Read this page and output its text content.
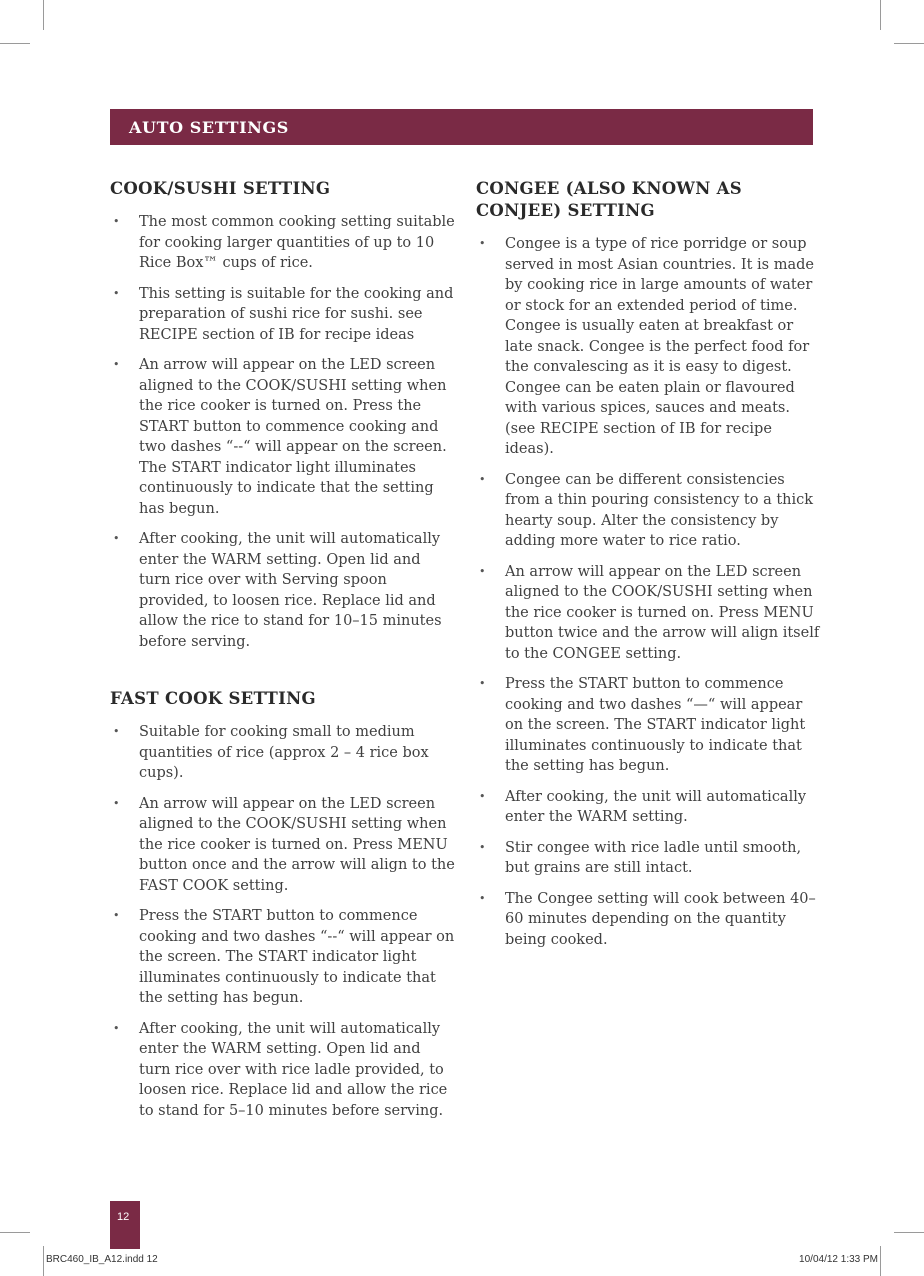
AUTO SETTINGS
COOK/SUSHI SETTING
• The most common cooking setting suitable for cooking larger quantities of up to 10 Rice Box™ cups of rice.
• This setting is suitable for the cooking and preparation of sushi rice for sushi. see RECIPE section of IB for recipe ideas
• An arrow will appear on the LED screen aligned to the COOK/SUSHI setting when the rice cooker is turned on. Press the START button to commence cooking and two dashes “--“ will appear on the screen. The START indicator light illuminates continuously to indicate that the setting has begun.
• After cooking, the unit will automatically enter the WARM setting. Open lid and turn rice over with Serving spoon provided, to loosen rice. Replace lid and allow the rice to stand for 10–15 minutes before serving.
FAST COOK SETTING
• Suitable for cooking small to medium quantities of rice (approx 2 – 4 rice box cups).
• An arrow will appear on the LED screen aligned to the COOK/SUSHI setting when the rice cooker is turned on. Press MENU button once and the arrow will align to the FAST COOK setting.
• Press the START button to commence cooking and two dashes “--“ will appear on the screen. The START indicator light illuminates continuously to indicate that the setting has begun.
• After cooking, the unit will automatically enter the WARM setting. Open lid and turn rice over with rice ladle provided, to loosen rice. Replace lid and allow the rice to stand for 5–10 minutes before serving.
CONGEE (ALSO KNOWN AS CONJEE) SETTING
• Congee is a type of rice porridge or soup served in most Asian countries. It is made by cooking rice in large amounts of water or stock for an extended period of time. Congee is usually eaten at breakfast or late snack. Congee is the perfect food for the convalescing as it is easy to digest. Congee can be eaten plain or flavoured with various spices, sauces and meats. (see RECIPE section of IB for recipe ideas).
• Congee can be different consistencies from a thin pouring consistency to a thick hearty soup. Alter the consistency by adding more water to rice ratio.
• An arrow will appear on the LED screen aligned to the COOK/SUSHI setting when the rice cooker is turned on. Press MENU button twice and the arrow will align itself to the CONGEE setting.
• Press the START button to commence cooking and two dashes “—“ will appear on the screen. The START indicator light illuminates continuously to indicate that the setting has begun.
• After cooking, the unit will automatically enter the WARM setting.
• Stir congee with rice ladle until smooth, but grains are still intact.
• The Congee setting will cook between 40– 60 minutes depending on the quantity being cooked.
12
BRC460_IB_A12.indd 12	10/04/12 1:33 PM
